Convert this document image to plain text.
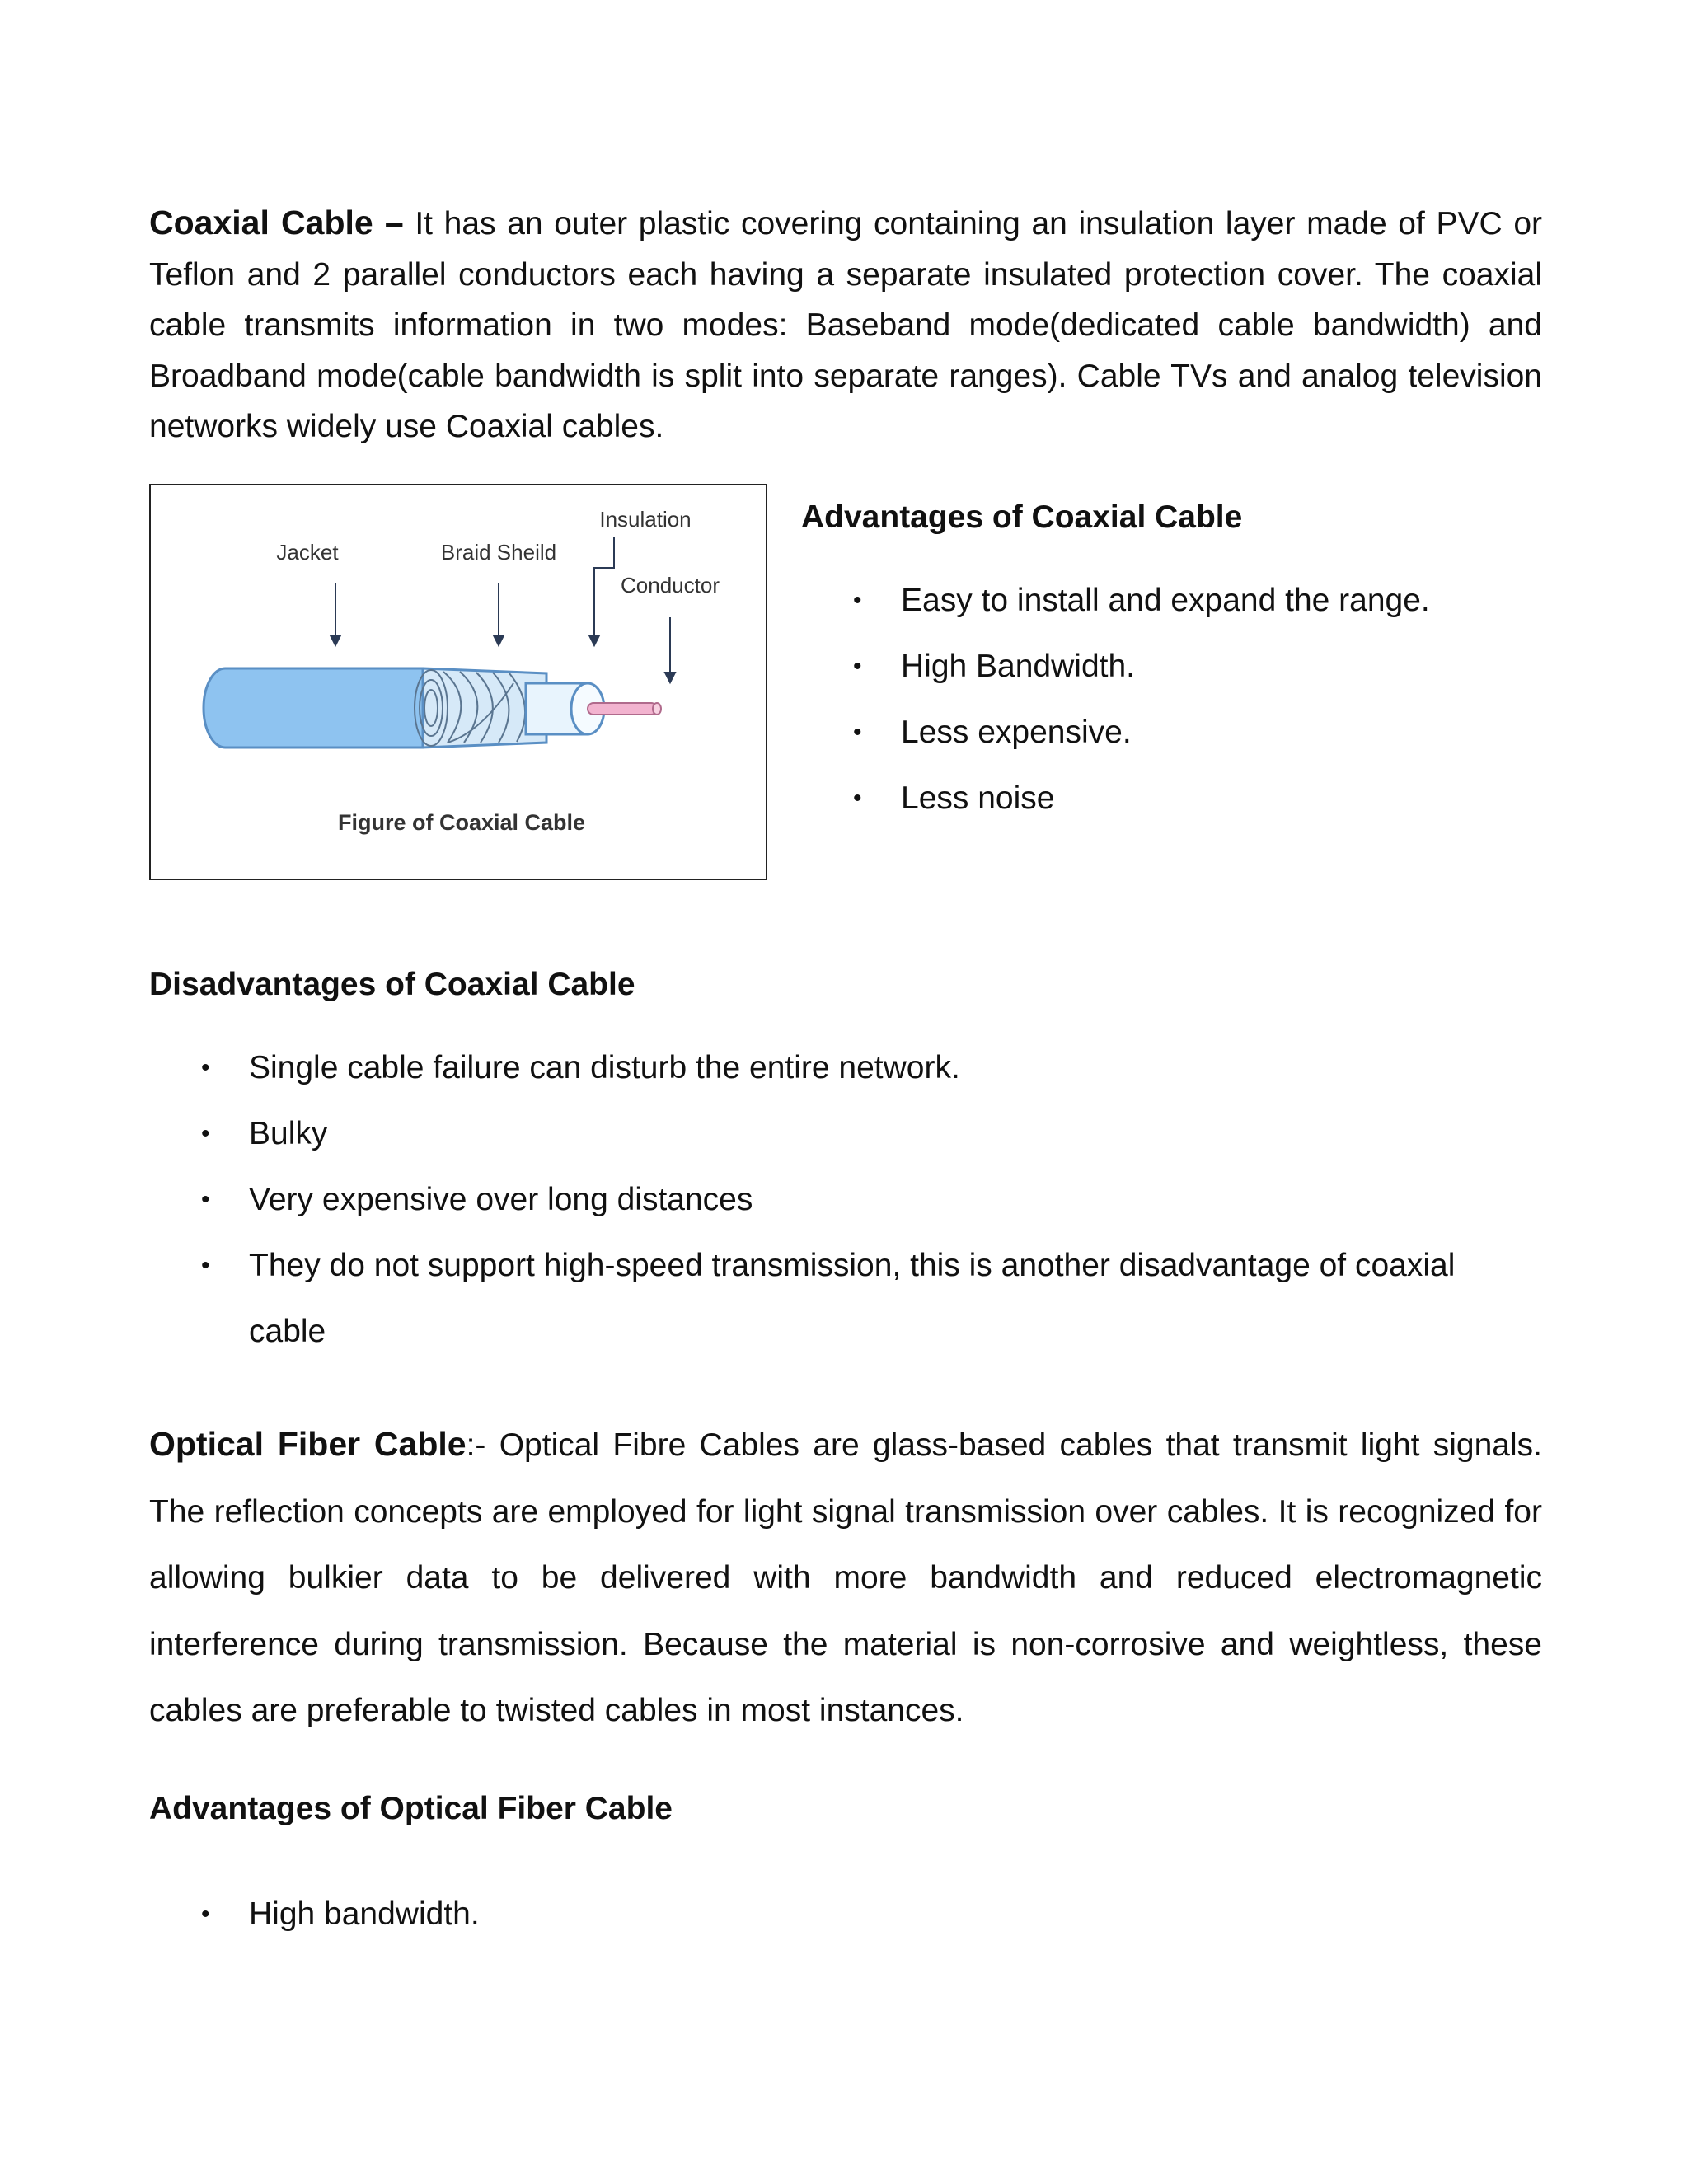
Coaxial Cable – It has an outer plastic covering containing an insulation layer made of PVC or Teflon and 2 parallel conductors each having a separate insulated protection cover. The coaxial cable transmits information in two modes: Baseband mode(dedicated cable bandwidth) and Broadband mode(cable bandwidth is split into separate ranges). Cable TVs and analog television networks widely use Coaxial cables.

Jacket	Braid Sheild
Insulation
Conductor
Figure of Coaxial Cable
Advantages of Coaxial Cable
• Easy to install and expand the range.
• High Bandwidth.
• Less expensive.
• Less noise
Disadvantages of Coaxial Cable
• Single cable failure can disturb the entire network.
• Bulky
• Very expensive over long distances
• They do not support high-speed transmission, this is another disadvantage of coaxial cable

Optical Fiber Cable:- Optical Fibre Cables are glass-based cables that transmit light signals. The reflection concepts are employed for light signal transmission over cables. It is recognized for allowing bulkier data to be delivered with more bandwidth and reduced electromagnetic interference during transmission. Because the material is non-corrosive and weightless, these cables are preferable to twisted cables in most instances.

Advantages of Optical Fiber Cable
• High bandwidth.
